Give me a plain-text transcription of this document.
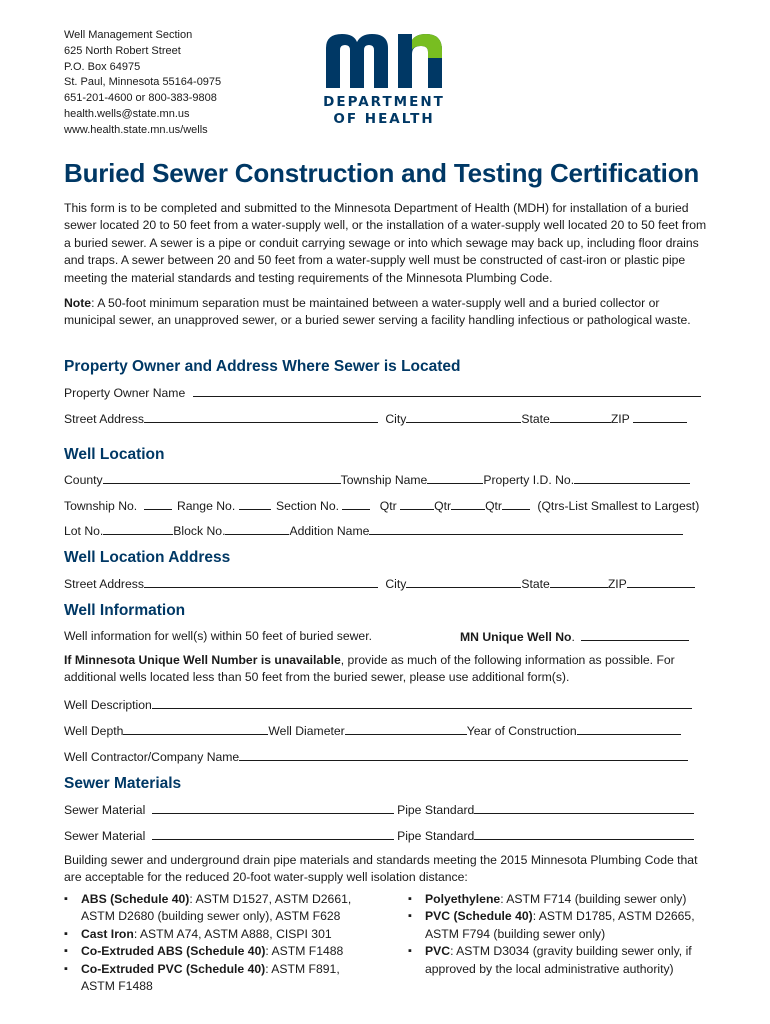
Well Management Section
625 North Robert Street
P.O. Box 64975
St. Paul, Minnesota 55164-0975
651-201-4600 or 800-383-9808
health.wells@state.mn.us
www.health.state.mn.us/wells
DEPARTMENT
OF HEALTH
Buried Sewer Construction and Testing Certification
This form is to be completed and submitted to the Minnesota Department of Health (MDH) for installation of a buried sewer located 20 to 50 feet from a water-supply well, or the installation of a water-supply well located 20 to 50 feet from a buried sewer. A sewer is a pipe or conduit carrying sewage or into which sewage may back up, including floor drains and traps. A sewer between 20 and 50 feet from a water-supply well must be constructed of cast-iron or plastic pipe meeting the material standards and testing requirements of the Minnesota Plumbing Code.
Note: A 50-foot minimum separation must be maintained between a water-supply well and a buried collector or municipal sewer, an unapproved sewer, or a buried sewer serving a facility handling infectious or pathological waste.
Property Owner and Address Where Sewer is Located
Property Owner Name
Street Address	City	State	ZIP
Well Location
County	Township Name	Property I.D. No.
Township No.	Range No.	Section No.	Qtr	Qtr	Qtr	(Qtrs-List Smallest to Largest)
Lot No.	Block No.	Addition Name
Well Location Address
Street Address	City	State	ZIP
Well Information
Well information for well(s) within 50 feet of buried sewer.	MN Unique Well No.
If Minnesota Unique Well Number is unavailable, provide as much of the following information as possible. For additional wells located less than 50 feet from the buried sewer, please use additional form(s).
Well Description
Well Depth	Well Diameter	Year of Construction
Well Contractor/Company Name
Sewer Materials
Sewer Material	Pipe Standard
Sewer Material	Pipe Standard
Building sewer and underground drain pipe materials and standards meeting the 2015 Minnesota Plumbing Code that are acceptable for the reduced 20-foot water-supply well isolation distance:
▪ ABS (Schedule 40): ASTM D1527, ASTM D2661, ASTM D2680 (building sewer only), ASTM F628
▪ Cast Iron: ASTM A74, ASTM A888, CISPI 301
▪ Co-Extruded ABS (Schedule 40): ASTM F1488
▪ Co-Extruded PVC (Schedule 40): ASTM F891, ASTM F1488
▪ Polyethylene: ASTM F714 (building sewer only)
▪ PVC (Schedule 40): ASTM D1785, ASTM D2665, ASTM F794 (building sewer only)
▪ PVC: ASTM D3034 (gravity building sewer only, if approved by the local administrative authority)
